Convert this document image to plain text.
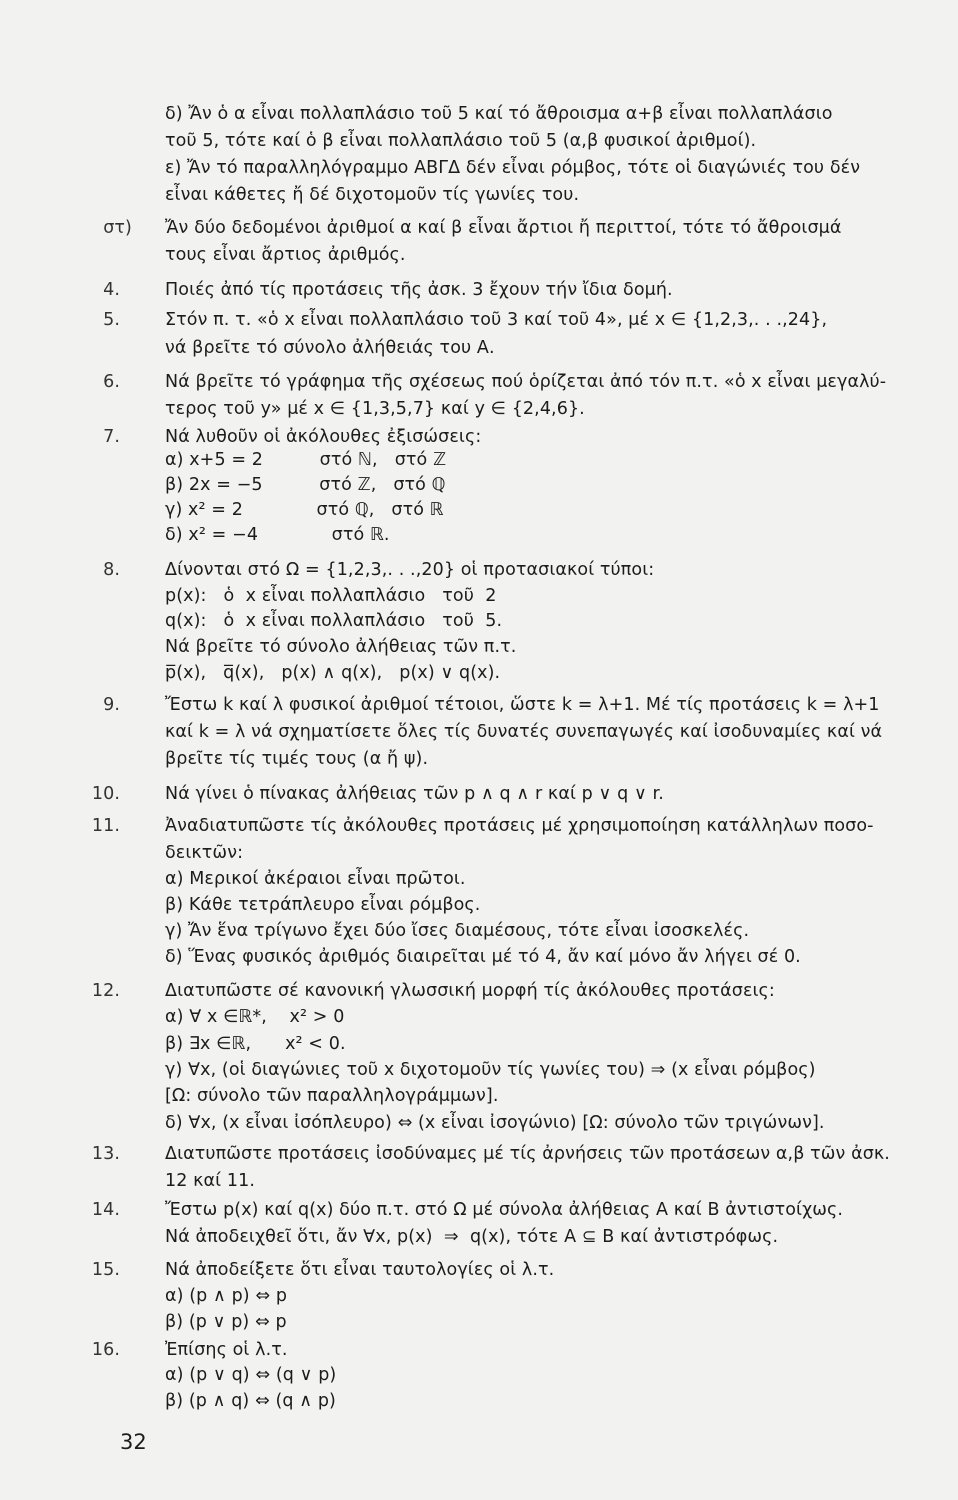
δ) Ἄν ὁ α εἶναι πολλαπλάσιο τοῦ 5 καί τό ἄθροισμα α+β εἶναι πολλαπλάσιο
τοῦ 5, τότε καί ὁ β εἶναι πολλαπλάσιο τοῦ 5 (α,β φυσικοί ἀριθμοί).
ε) Ἄν τό παραλληλόγραμμο ΑΒΓΔ δέν εἶναι ρόμβος, τότε οἱ διαγώνιές του δέν
εἶναι κάθετες ἤ δέ διχοτομοῦν τίς γωνίες του.
στ) Ἄν δύο δεδομένοι ἀριθμοί α καί β εἶναι ἄρτιοι ἤ περιττοί, τότε τό ἄθροισμά
τους εἶναι ἄρτιος ἀριθμός.
4.	Ποιές ἀπό τίς προτάσεις τῆς ἀσκ. 3 ἔχουν τήν ἴδια δομή.
5.	Στόν π. τ. «ὁ x εἶναι πολλαπλάσιο τοῦ 3 καί τοῦ 4», μέ x ∈ {1,2,3,. . .,24},
νά βρεῖτε τό σύνολο ἀλήθειάς του Α.
6.	Νά βρεῖτε τό γράφημα τῆς σχέσεως πού ὁρίζεται ἀπό τόν π.τ. «ὁ x εἶναι μεγαλύ-
τερος τοῦ y» μέ x ∈ {1,3,5,7} καί y ∈ {2,4,6}.
7.	Νά λυθοῦν οἱ ἀκόλουθες ἐξισώσεις:
α) x+5 = 2          στό ℕ,   στό ℤ
β) 2x = −5          στό ℤ,   στό ℚ
γ) x² = 2             στό ℚ,   στό ℝ
δ) x² = −4             στό ℝ.
8.	Δίνονται στό Ω = {1,2,3,. . .,20} οἱ προτασιακοί τύποι:
p(x):   ὁ  x εἶναι πολλαπλάσιο   τοῦ  2
q(x):   ὁ  x εἶναι πολλαπλάσιο   τοῦ  5.
Νά βρεῖτε τό σύνολο ἀλήθειας τῶν π.τ.
p̅(x),   q̅(x),   p(x) ∧ q(x),   p(x) ∨ q(x).
9.	Ἔστω k καί λ φυσικοί ἀριθμοί τέτοιοι, ὥστε k = λ+1. Μέ τίς προτάσεις k = λ+1
καί k = λ νά σχηματίσετε ὅλες τίς δυνατές συνεπαγωγές καί ἰσοδυναμίες καί νά
βρεῖτε τίς τιμές τους (α ἤ ψ).
10.	Νά γίνει ὁ πίνακας ἀλήθειας τῶν p ∧ q ∧ r καί p ∨ q ∨ r.
11.	Ἀναδιατυπῶστε τίς ἀκόλουθες προτάσεις μέ χρησιμοποίηση κατάλληλων ποσο-
δεικτῶν:
α) Μερικοί ἀκέραιοι εἶναι πρῶτοι.
β) Κάθε τετράπλευρο εἶναι ρόμβος.
γ) Ἄν ἕνα τρίγωνο ἔχει δύο ἴσες διαμέσους, τότε εἶναι ἰσοσκελές.
δ) Ἕνας φυσικός ἀριθμός διαιρεῖται μέ τό 4, ἄν καί μόνο ἄν λήγει σέ 0.
12.	Διατυπῶστε σέ κανονική γλωσσική μορφή τίς ἀκόλουθες προτάσεις:
α) ∀ x ∈ℝ*,    x² > 0
β) ∃x ∈ℝ,      x² < 0.
γ) ∀x, (οἱ διαγώνιες τοῦ x διχοτομοῦν τίς γωνίες του) ⇒ (x εἶναι ρόμβος)
[Ω: σύνολο τῶν παραλληλογράμμων].
δ) ∀x, (x εἶναι ἰσόπλευρο) ⇔ (x εἶναι ἰσογώνιο) [Ω: σύνολο τῶν τριγώνων].
13.	Διατυπῶστε προτάσεις ἰσοδύναμες μέ τίς ἀρνήσεις τῶν προτάσεων α,β τῶν ἀσκ.
12 καί 11.
14.	Ἔστω p(x) καί q(x) δύο π.τ. στό Ω μέ σύνολα ἀλήθειας Α καί Β ἀντιστοίχως.
Νά ἀποδειχθεῖ ὅτι, ἄν ∀x, p(x)  ⇒  q(x), τότε Α ⊆ Β καί ἀντιστρόφως.
15.	Νά ἀποδείξετε ὅτι εἶναι ταυτολογίες οἱ λ.τ.
α) (p ∧ p) ⇔ p
β) (p ∨ p) ⇔ p
16.	Ἐπίσης οἱ λ.τ.
α) (p ∨ q) ⇔ (q ∨ p)
β) (p ∧ q) ⇔ (q ∧ p)
32
